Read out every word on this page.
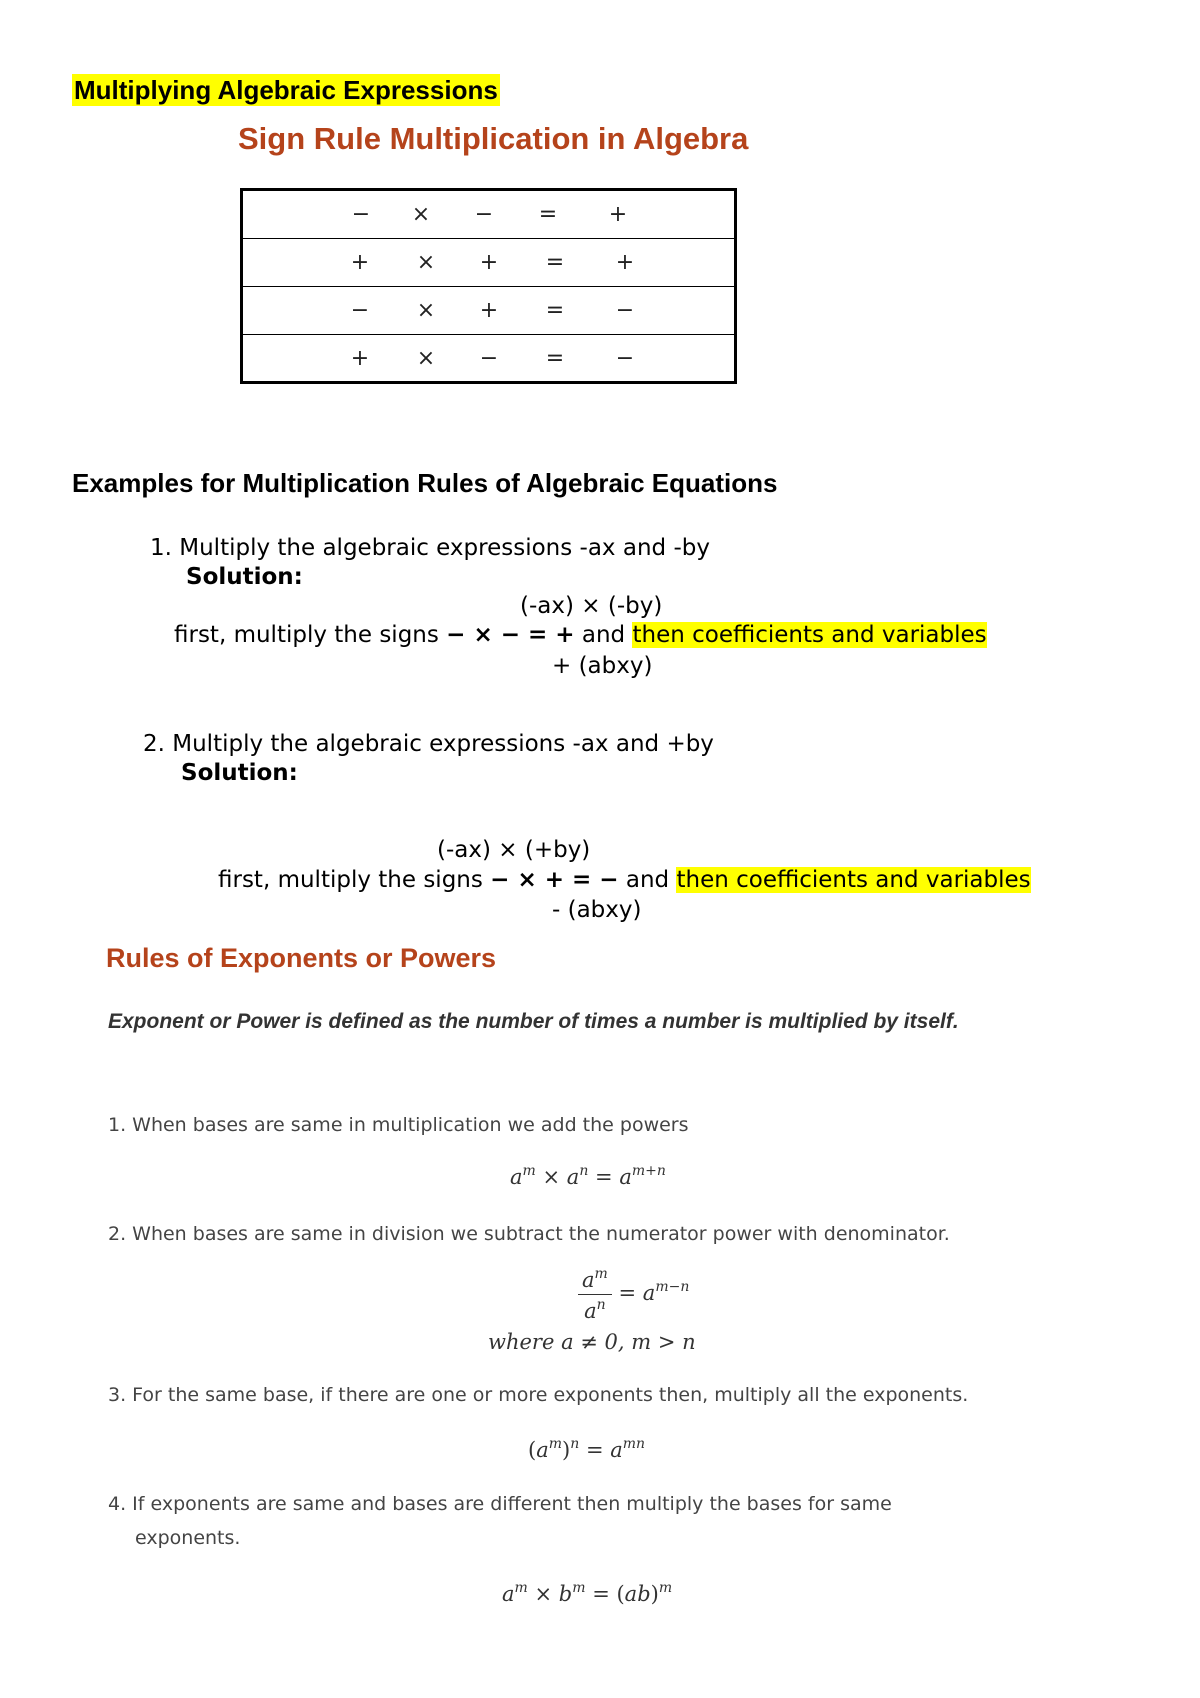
Multiplying Algebraic Expressions
Sign Rule Multiplication in Algebra
− × − = +
+ × + = +
− × + = −
+ × − = −
Examples for Multiplication Rules of Algebraic Equations
1. Multiply the algebraic expressions -ax and -by
Solution:
(-ax) × (-by)
first, multiply the signs − × − = + and then coefficients and variables
+ (abxy)
2. Multiply the algebraic expressions -ax and +by
Solution:
(-ax) × (+by)
first, multiply the signs − × + = − and then coefficients and variables
- (abxy)
Rules of Exponents or Powers
Exponent or Power is defined as the number of times a number is multiplied by itself.
1. When bases are same in multiplication we add the powers
$a^m \times a^n = a^{m+n}$
2. When bases are same in division we subtract the numerator power with denominator.
$\frac{a^m}{a^n} = a^{m-n}$
where a ≠ 0, m > n
3. For the same base, if there are one or more exponents then, multiply all the exponents.
$(a^m)^n = a^{mn}$
4. If exponents are same and bases are different then multiply the bases for same
exponents.
$a^m \times b^m = (ab)^m$
